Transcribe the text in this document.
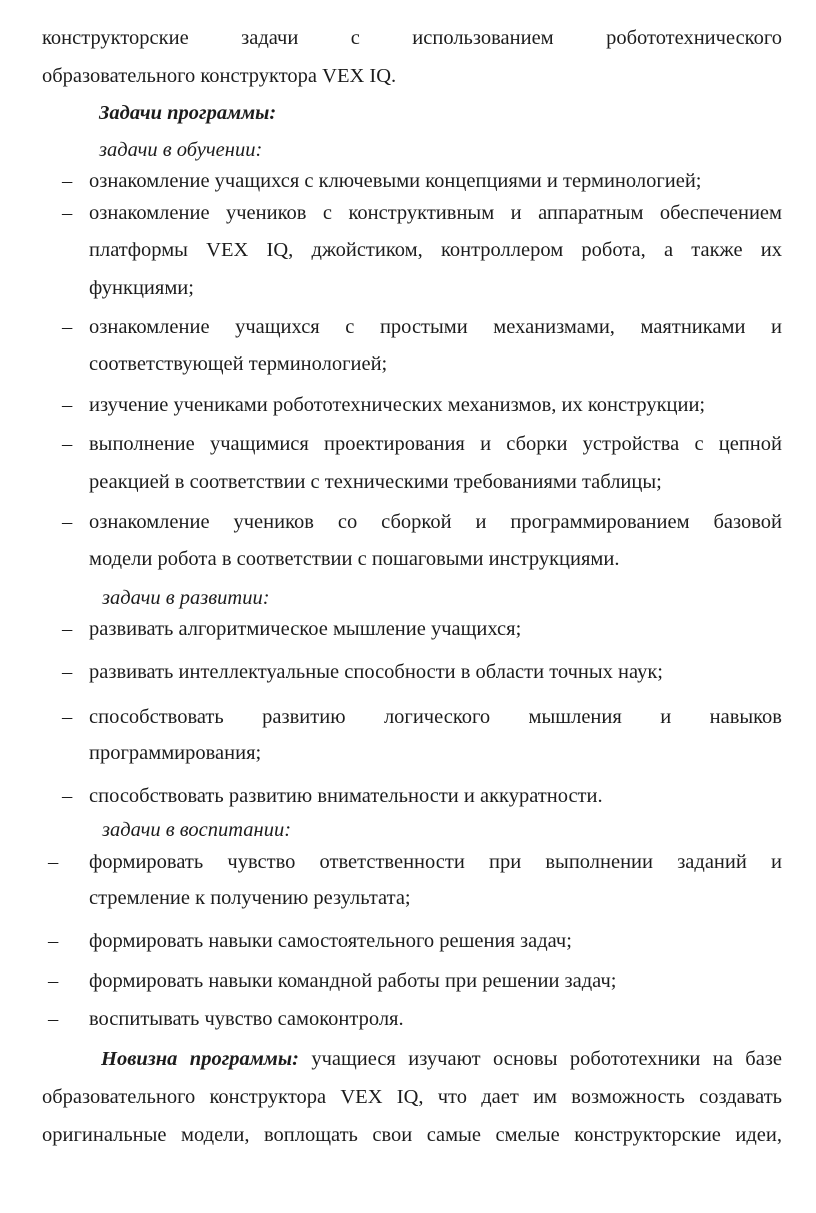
конструкторские задачи с использованием робототехнического
образовательного конструктора VEX IQ.
Задачи программы:
задачи в обучении:
– ознакомление учащихся с ключевыми концепциями и терминологией;
– ознакомление учеников с конструктивным и аппаратным обеспечением
платформы VEX IQ, джойстиком, контроллером робота, а также их
функциями;
– ознакомление учащихся с простыми механизмами, маятниками и
соответствующей терминологией;
– изучение учениками робототехнических механизмов, их конструкции;
– выполнение учащимися проектирования и сборки устройства с цепной
реакцией в соответствии с техническими требованиями таблицы;
– ознакомление учеников со сборкой и программированием базовой
модели робота в соответствии с пошаговыми инструкциями.
задачи в развитии:
– развивать алгоритмическое мышление учащихся;
– развивать интеллектуальные способности в области точных наук;
– способствовать развитию логического мышления и навыков
программирования;
– способствовать развитию внимательности и аккуратности.
задачи в воспитании:
– формировать чувство ответственности при выполнении заданий и
стремление к получению результата;
– формировать навыки самостоятельного решения задач;
– формировать навыки командной работы при решении задач;
– воспитывать чувство самоконтроля.
Новизна программы: учащиеся изучают основы робототехники на базе
образовательного конструктора VEX IQ, что дает им возможность создавать
оригинальные модели, воплощать свои самые смелые конструкторские идеи,
